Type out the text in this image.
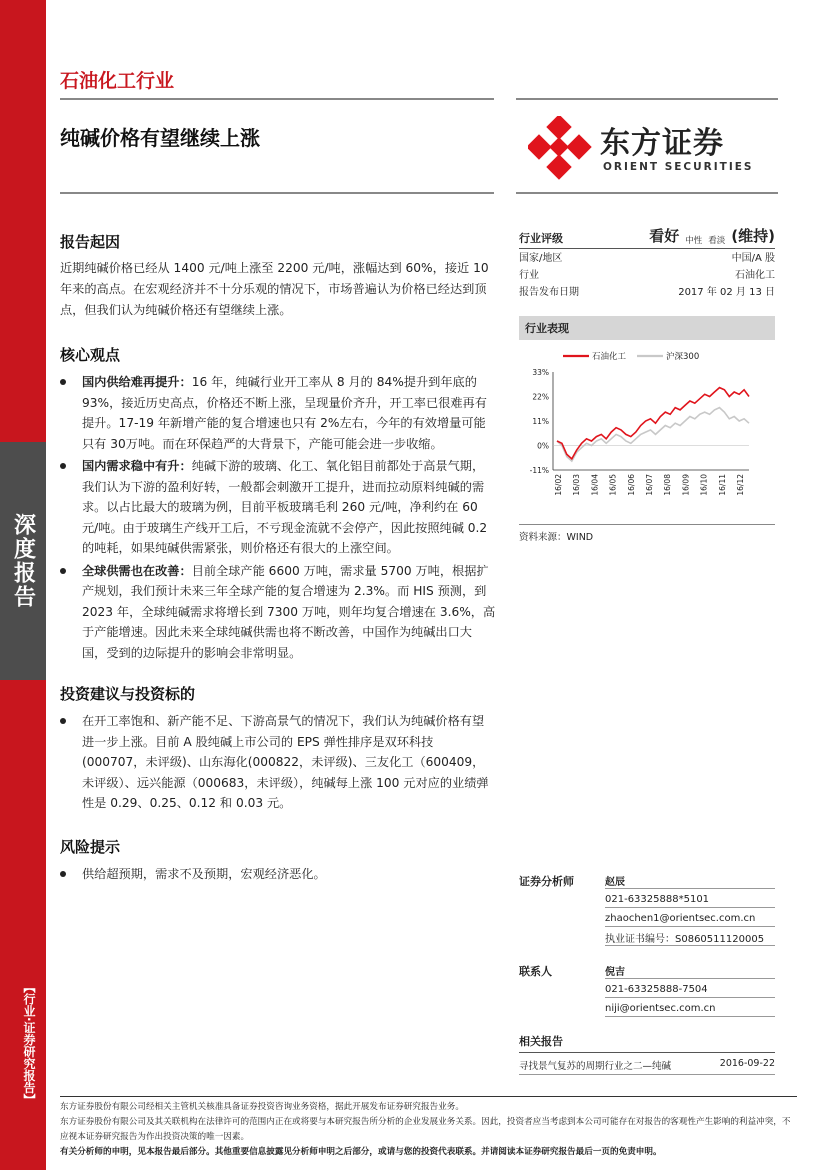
深度报告
【行业·证券研究报告】
石油化工行业
纯碱价格有望继续上涨	东方证券
ORIENT SECURITIES
报告起因
近期纯碱价格已经从 1400 元/吨上涨至 2200 元/吨，涨幅达到 60%，接近 10 年来的高点。在宏观经济并不十分乐观的情况下，市场普遍认为价格已经达到顶点，但我们认为纯碱价格还有望继续上涨。
核心观点
国内供给难再提升：16 年，纯碱行业开工率从 8 月的 84%提升到年底的93%，接近历史高点，价格还不断上涨，呈现量价齐升，开工率已很难再有提升。17-19 年新增产能的复合增速也只有 2%左右，今年的有效增量可能只有 30万吨。而在环保趋严的大背景下，产能可能会进一步收缩。
国内需求稳中有升：纯碱下游的玻璃、化工、氧化铝目前都处于高景气期，我们认为下游的盈利好转，一般都会刺激开工提升，进而拉动原料纯碱的需求。以占比最大的玻璃为例，目前平板玻璃毛利 260 元/吨，净利约在 60 元/吨。由于玻璃生产线开工后，不亏现金流就不会停产，因此按照纯碱 0.2 的吨耗，如果纯碱供需紧张，则价格还有很大的上涨空间。
全球供需也在改善：目前全球产能 6600 万吨，需求量 5700 万吨，根据扩产规划，我们预计未来三年全球产能的复合增速为 2.3%。而 HIS 预测，到 2023 年，全球纯碱需求将增长到 7300 万吨，则年均复合增速在 3.6%，高于产能增速。因此未来全球纯碱供需也将不断改善，中国作为纯碱出口大国，受到的边际提升的影响会非常明显。
投资建议与投资标的
在开工率饱和、新产能不足、下游高景气的情况下，我们认为纯碱价格有望进一步上涨。目前 A 股纯碱上市公司的 EPS 弹性排序是双环科技(000707，未评级)、山东海化(000822，未评级)、三友化工（600409，未评级）、远兴能源（000683，未评级），纯碱每上涨 100 元对应的业绩弹性是 0.29、0.25、0.12 和 0.03 元。
风险提示
供给超预期，需求不及预期，宏观经济恶化。
行业评级	看好 中性 看淡 (维持)
国家/地区	中国/A 股
行业	石油化工
报告发布日期	2017 年 02 月 13 日
行业表现
石油化工	沪深300
33%
22%
11%
0%
-11%
16/02 16/03 16/04 16/05 16/06 16/07 16/08 16/09 16/10 16/11 16/12
资料来源：WIND
证券分析师	赵辰
021-63325888*5101
zhaochen1@orientsec.com.cn
执业证书编号：S0860511120005
联系人	倪吉
021-63325888-7504
niji@orientsec.com.cn
相关报告
寻找景气复苏的周期行业之二—纯碱	2016-09-22
东方证券股份有限公司经相关主管机关核准具备证券投资咨询业务资格，据此开展发布证券研究报告业务。
东方证券股份有限公司及其关联机构在法律许可的范围内正在或将要与本研究报告所分析的企业发展业务关系。因此，投资者应当考虑到本公司可能存在对报告的客观性产生影响的利益冲突，不应视本证券研究报告为作出投资决策的唯一因素。
有关分析师的申明，见本报告最后部分。其他重要信息披露见分析师申明之后部分，或请与您的投资代表联系。并请阅读本证券研究报告最后一页的免责申明。
